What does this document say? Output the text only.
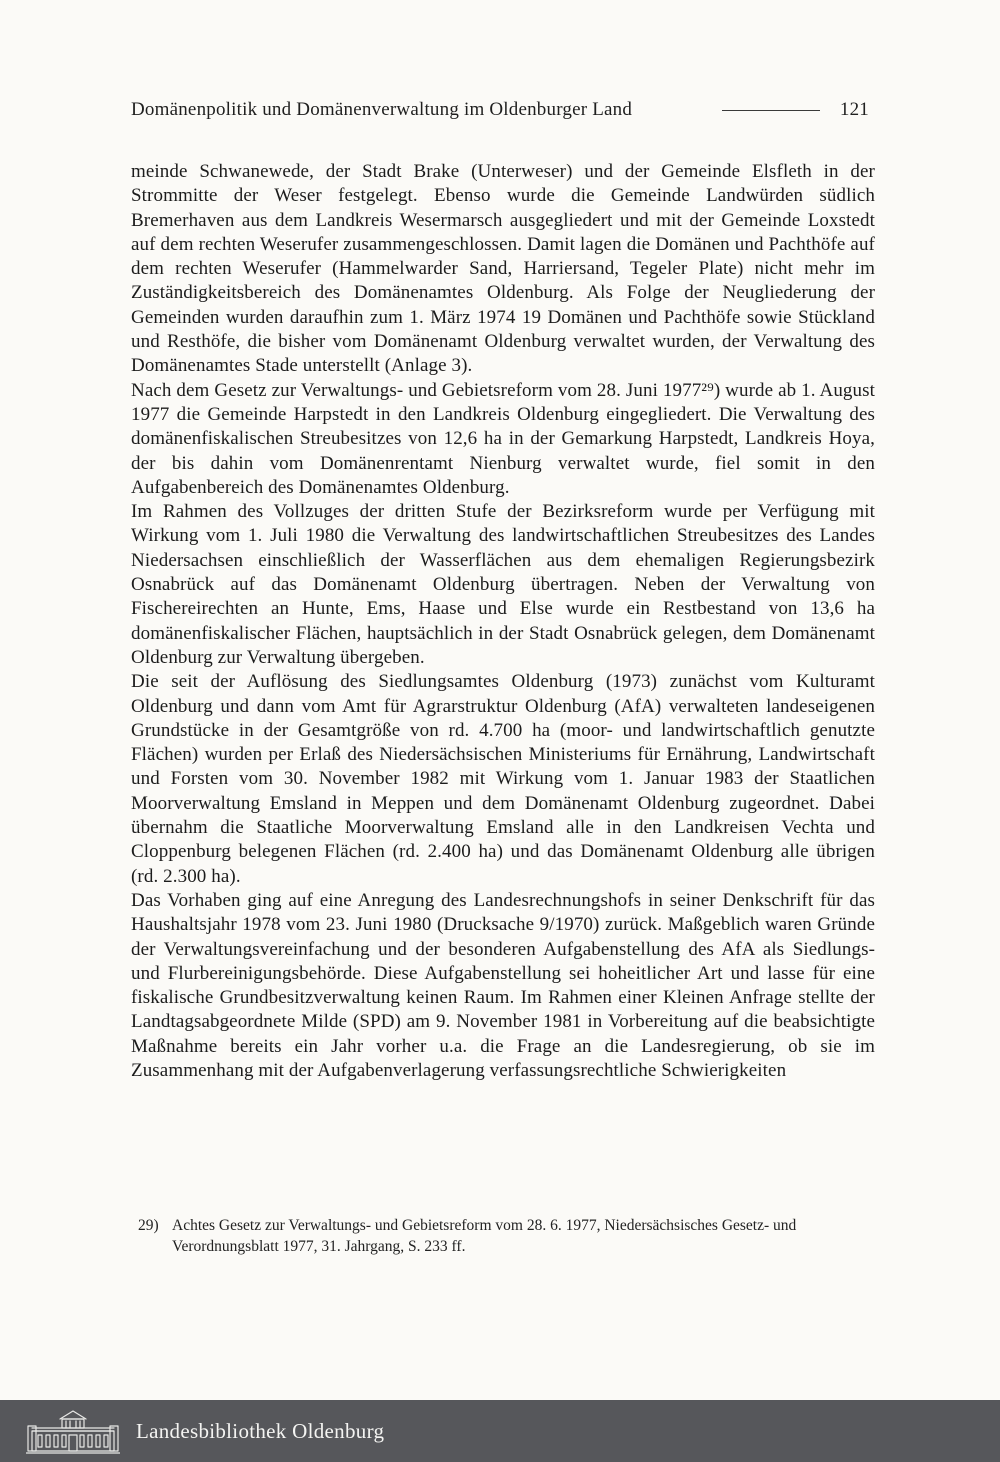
Domänenpolitik und Domänenverwaltung im Oldenburger Land	121

meinde Schwanewede, der Stadt Brake (Unterweser) und der Gemeinde Elsfleth in der Strommitte der Weser festgelegt. Ebenso wurde die Gemeinde Landwürden südlich Bremerhaven aus dem Landkreis Wesermarsch ausgegliedert und mit der Gemeinde Loxstedt auf dem rechten Weserufer zusammengeschlossen. Damit lagen die Domänen und Pachthöfe auf dem rechten Weserufer (Hammelwarder Sand, Harriersand, Tegeler Plate) nicht mehr im Zuständigkeitsbereich des Domänenamtes Oldenburg. Als Folge der Neugliederung der Gemeinden wurden daraufhin zum 1. März 1974 19 Domänen und Pachthöfe sowie Stückland und Resthöfe, die bisher vom Domänenamt Oldenburg verwaltet wurden, der Verwaltung des Domänenamtes Stade unterstellt (Anlage 3).

Nach dem Gesetz zur Verwaltungs- und Gebietsreform vom 28. Juni 1977²⁹) wurde ab 1. August 1977 die Gemeinde Harpstedt in den Landkreis Oldenburg eingegliedert. Die Verwaltung des domänenfiskalischen Streubesitzes von 12,6 ha in der Gemarkung Harpstedt, Landkreis Hoya, der bis dahin vom Domänenrentamt Nienburg verwaltet wurde, fiel somit in den Aufgabenbereich des Domänenamtes Oldenburg.

Im Rahmen des Vollzuges der dritten Stufe der Bezirksreform wurde per Verfügung mit Wirkung vom 1. Juli 1980 die Verwaltung des landwirtschaftlichen Streubesitzes des Landes Niedersachsen einschließlich der Wasserflächen aus dem ehemaligen Regierungsbezirk Osnabrück auf das Domänenamt Oldenburg übertragen. Neben der Verwaltung von Fischereirechten an Hunte, Ems, Haase und Else wurde ein Restbestand von 13,6 ha domänenfiskalischer Flächen, hauptsächlich in der Stadt Osnabrück gelegen, dem Domänenamt Oldenburg zur Verwaltung übergeben.

Die seit der Auflösung des Siedlungsamtes Oldenburg (1973) zunächst vom Kulturamt Oldenburg und dann vom Amt für Agrarstruktur Oldenburg (AfA) verwalteten landeseigenen Grundstücke in der Gesamtgröße von rd. 4.700 ha (moor- und landwirtschaftlich genutzte Flächen) wurden per Erlaß des Niedersächsischen Ministeriums für Ernährung, Landwirtschaft und Forsten vom 30. November 1982 mit Wirkung vom 1. Januar 1983 der Staatlichen Moorverwaltung Emsland in Meppen und dem Domänenamt Oldenburg zugeordnet. Dabei übernahm die Staatliche Moorverwaltung Emsland alle in den Landkreisen Vechta und Cloppenburg belegenen Flächen (rd. 2.400 ha) und das Domänenamt Oldenburg alle übrigen (rd. 2.300 ha).

Das Vorhaben ging auf eine Anregung des Landesrechnungshofs in seiner Denkschrift für das Haushaltsjahr 1978 vom 23. Juni 1980 (Drucksache 9/1970) zurück. Maßgeblich waren Gründe der Verwaltungsvereinfachung und der besonderen Aufgabenstellung des AfA als Siedlungs- und Flurbereinigungsbehörde. Diese Aufgabenstellung sei hoheitlicher Art und lasse für eine fiskalische Grundbesitzverwaltung keinen Raum. Im Rahmen einer Kleinen Anfrage stellte der Landtagsabgeordnete Milde (SPD) am 9. November 1981 in Vorbereitung auf die beabsichtigte Maßnahme bereits ein Jahr vorher u.a. die Frage an die Landesregierung, ob sie im Zusammenhang mit der Aufgabenverlagerung verfassungsrechtliche Schwierigkeiten

29) Achtes Gesetz zur Verwaltungs- und Gebietsreform vom 28. 6. 1977, Niedersächsisches Gesetz- und Verordnungsblatt 1977, 31. Jahrgang, S. 233 ff.
Landesbibliothek Oldenburg
